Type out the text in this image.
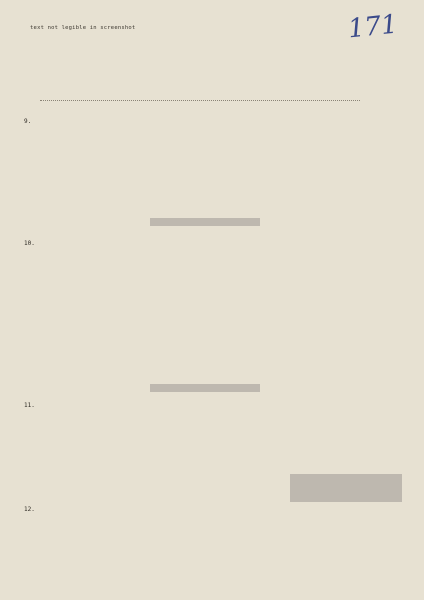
171

text not legible in screenshot

9.
10.
11.
12.
